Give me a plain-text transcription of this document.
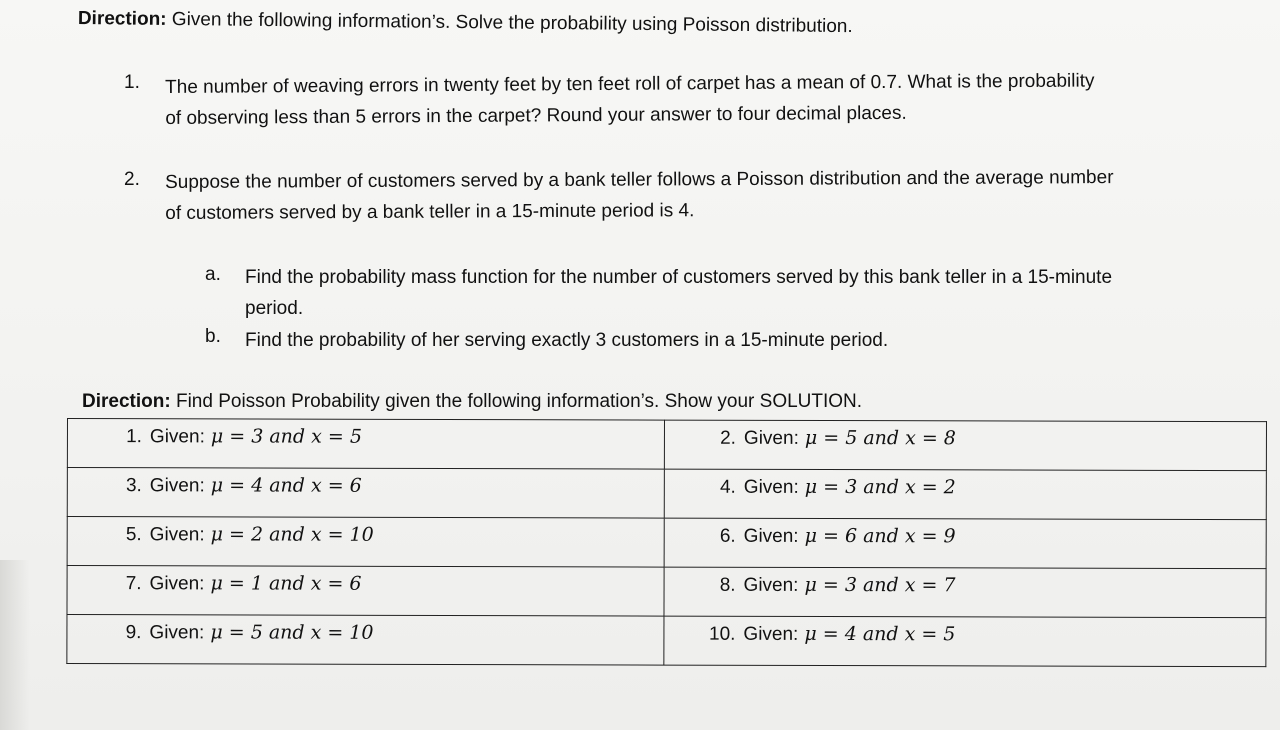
Direction: Given the following information’s. Solve the probability using Poisson distribution.
1. The number of weaving errors in twenty feet by ten feet roll of carpet has a mean of 0.7. What is the probability
of observing less than 5 errors in the carpet? Round your answer to four decimal places.
2. Suppose the number of customers served by a bank teller follows a Poisson distribution and the average number
of customers served by a bank teller in a 15-minute period is 4.
a. Find the probability mass function for the number of customers served by this bank teller in a 15-minute
period.
b. Find the probability of her serving exactly 3 customers in a 15-minute period.
Direction: Find Poisson Probability given the following information’s. Show your SOLUTION.
1. Given: μ = 3 and x = 5	2. Given: μ = 5 and x = 8

3. Given: μ = 4 and x = 6	4. Given: μ = 3 and x = 2

5. Given: μ = 2 and x = 10	6. Given: μ = 6 and x = 9

7. Given: μ = 1 and x = 6	8. Given: μ = 3 and x = 7

9. Given: μ = 5 and x = 10	10. Given: μ = 4 and x = 5
